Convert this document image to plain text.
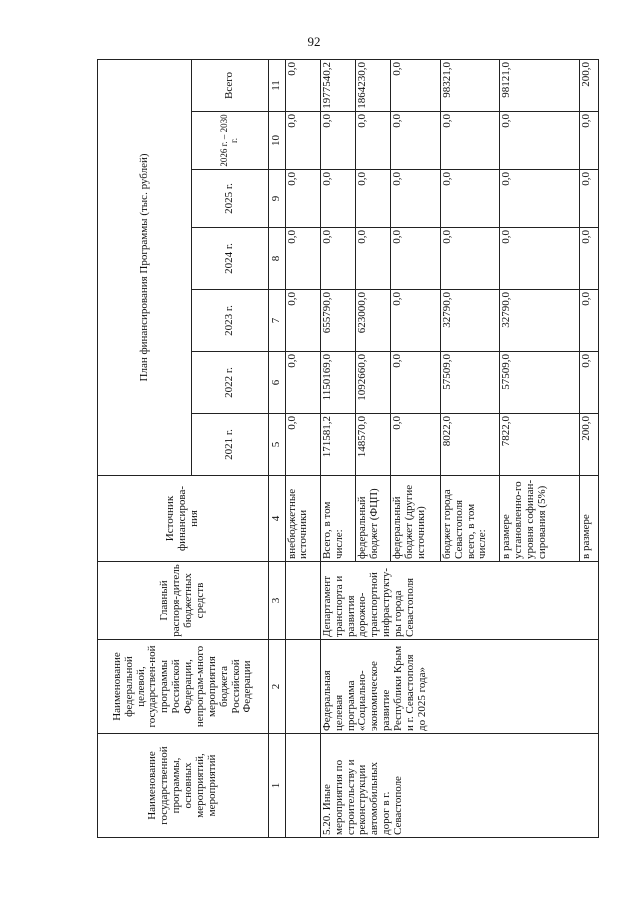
92
Наименование государственной программы, основных мероприятий, мероприятий	Наименование федеральной целевой, государствен-ной программы Российской Федерации, непрограм-много мероприятия бюджета Российской Федерации	Главный распоря-дитель бюджетных средств	Источник финансирова-ния	План финансирования Программы (тыс. рублей)						
				2021 г.	2022 г.	2023 г.	2024 г.	2025 г.	2026 г. – 2030 г.	Всего
1	2	3	4	5	6	7	8	9	10	11
			внебюджетные источники	0,0	0,0	0,0	0,0	0,0	0,0	0,0
5.20. Иные мероприятия по строительству и реконструкции автомобильных дорог в г. Севастополе	Федеральная целевая программа «Социально-экономическое развитие Республики Крым и г. Севастополя до 2025 года»	Департамент транспорта и развития дорожно-транспортной инфраструкту-ры города Севастополя	Всего, в том числе:	171581,2	1150169,0	655790,0	0,0	0,0	0,0	1977540,2
			федеральный бюджет (ФЦП)	148570,0	1092660,0	623000,0	0,0	0,0	0,0	1864230,0
			федеральный бюджет (другие источники)	0,0	0,0	0,0	0,0	0,0	0,0	0,0
			бюджет города Севастополя всего, в том числе:	8022,0	57509,0	32790,0	0,0	0,0	0,0	98321,0
			в размере установленно-го уровня софинан-сирования (5%)	7822,0	57509,0	32790,0	0,0	0,0	0,0	98121,0
			в размере	200,0	0,0	0,0	0,0	0,0	0,0	200,0
